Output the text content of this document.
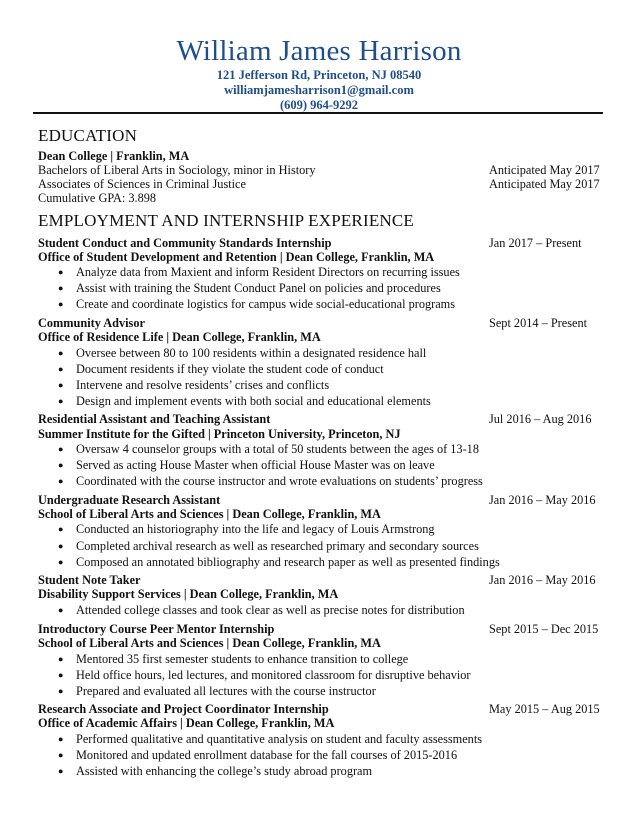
William James Harrison
121 Jefferson Rd, Princeton, NJ 08540
williamjamesharrison1@gmail.com
(609) 964-9292
EDUCATION
Dean College | Franklin, MA
Bachelors of Liberal Arts in Sociology, minor in History	Anticipated May 2017
Associates of Sciences in Criminal Justice	Anticipated May 2017
Cumulative GPA: 3.898
EMPLOYMENT AND INTERNSHIP EXPERIENCE
Student Conduct and Community Standards Internship	Jan 2017 – Present
Office of Student Development and Retention | Dean College, Franklin, MA
● Analyze data from Maxient and inform Resident Directors on recurring issues
● Assist with training the Student Conduct Panel on policies and procedures
● Create and coordinate logistics for campus wide social-educational programs
Community Advisor	Sept 2014 – Present
Office of Residence Life | Dean College, Franklin, MA
● Oversee between 80 to 100 residents within a designated residence hall
● Document residents if they violate the student code of conduct
● Intervene and resolve residents’ crises and conflicts
● Design and implement events with both social and educational elements
Residential Assistant and Teaching Assistant	Jul 2016 – Aug 2016
Summer Institute for the Gifted | Princeton University, Princeton, NJ
● Oversaw 4 counselor groups with a total of 50 students between the ages of 13-18
● Served as acting House Master when official House Master was on leave
● Coordinated with the course instructor and wrote evaluations on students’ progress
Undergraduate Research Assistant	Jan 2016 – May 2016
School of Liberal Arts and Sciences | Dean College, Franklin, MA
● Conducted an historiography into the life and legacy of Louis Armstrong
● Completed archival research as well as researched primary and secondary sources
● Composed an annotated bibliography and research paper as well as presented findings
Student Note Taker	Jan 2016 – May 2016
Disability Support Services | Dean College, Franklin, MA
● Attended college classes and took clear as well as precise notes for distribution
Introductory Course Peer Mentor Internship	Sept 2015 – Dec 2015
School of Liberal Arts and Sciences | Dean College, Franklin, MA
● Mentored 35 first semester students to enhance transition to college
● Held office hours, led lectures, and monitored classroom for disruptive behavior
● Prepared and evaluated all lectures with the course instructor
Research Associate and Project Coordinator Internship	May 2015 – Aug 2015
Office of Academic Affairs | Dean College, Franklin, MA
● Performed qualitative and quantitative analysis on student and faculty assessments
● Monitored and updated enrollment database for the fall courses of 2015-2016
● Assisted with enhancing the college’s study abroad program
